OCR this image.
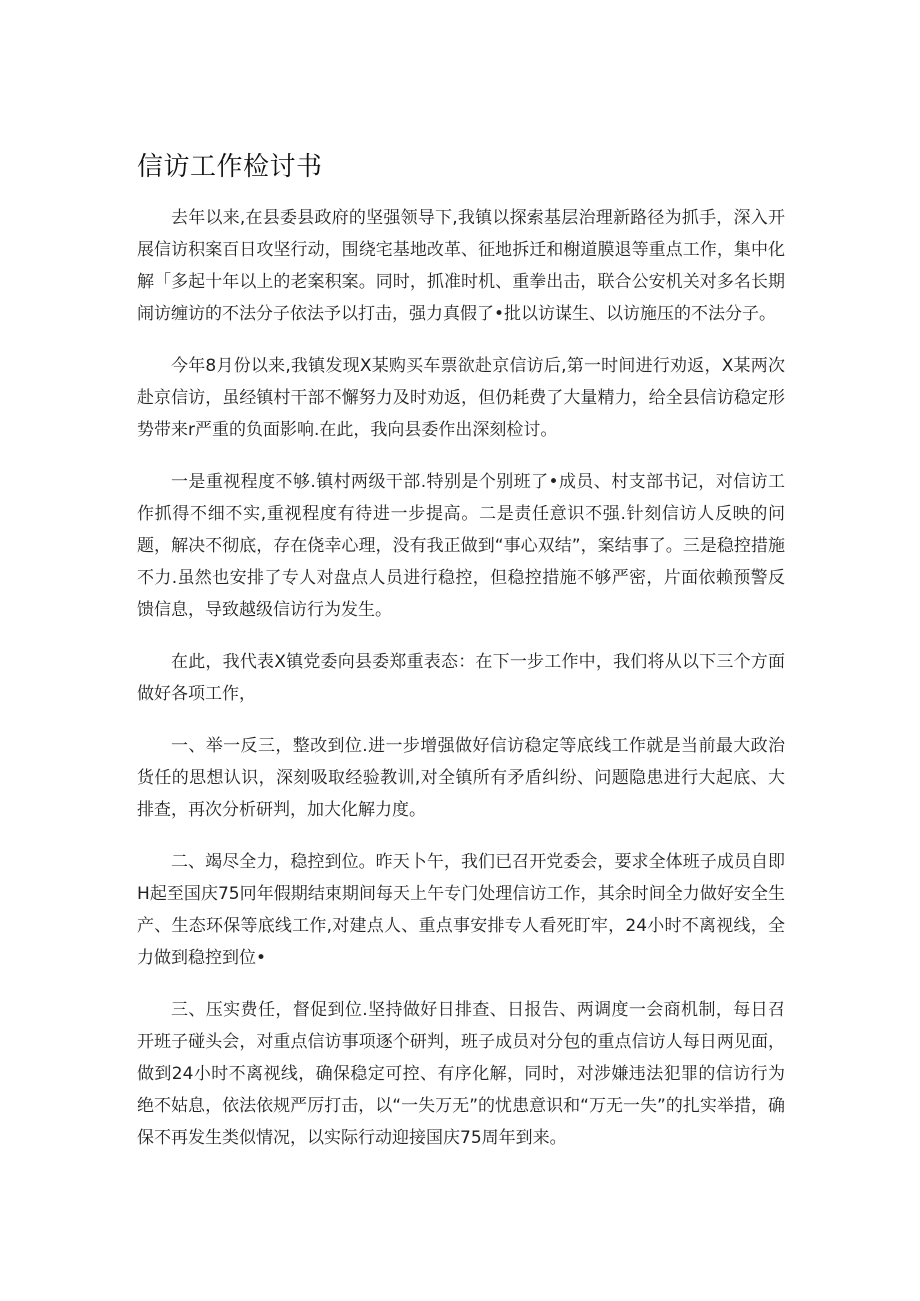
信访工作检讨书

去年以来,在县委县政府的坚强领导下,我镇以探索基层治理新路径为抓手，深入开展信访积案百日攻坚行动，围绕宅基地改革、征地拆迁和榭道膜退等重点工作，集中化解「多起十年以上的老案积案。同时，抓准时机、重拳出击，联合公安机关对多名长期闹访缠访的不法分子依法予以打击，强力真假了•批以访谋生、以访施压的不法分子。

今年8月份以来,我镇发现X某购买车票欲赴京信访后,第一时间进行劝返，X某两次赴京信访，虽经镇村干部不懈努力及时劝返，但仍耗费了大量精力，给全县信访稳定形势带来r严重的负面影响.在此，我向县委作出深刻检讨。

一是重视程度不够.镇村两级干部.特别是个别班了•成员、村支部书记，对信访工作抓得不细不实,重视程度有待进一步提高。二是责任意识不强.针刻信访人反映的问题，解决不彻底，存在侥幸心理，没有我正做到“事心双结”，案结事了。三是稳控措施不力.虽然也安排了专人对盘点人员进行稳控，但稳控措施不够严密，片面依赖预警反馈信息，导致越级信访行为发生。

在此，我代表X镇党委向县委郑重表态：在下一步工作中，我们将从以下三个方面做好各项工作，

一、举一反三，整改到位.进一步增强做好信访稳定等底线工作就是当前最大政治货任的思想认识，深刻吸取经验教训,对全镇所有矛盾纠纷、问题隐患进行大起底、大排查，再次分析研判，加大化解力度。

二、竭尽全力，稳控到位。昨天卜午，我们已召开党委会，要求全体班子成员自即H起至国庆75冋年假期结束期间每天上午专门处理信访工作，其余时间全力做好安全生产、生态环保等底线工作,对建点人、重点事安排专人看死盯牢，24小时不离视线，全力做到稳控到位•

三、压实费任，督促到位.坚持做好日排查、日报告、两调度一会商机制，每日召开班子碰头会，对重点信访事项逐个研判，班子成员对分包的重点信访人每日两见面，做到24小时不离视线，确保稳定可控、有序化解，同时，对涉嫌违法犯罪的信访行为绝不姑息，依法依规严厉打击，以“一失万无”的忧患意识和“万无一失”的扎实举措，确保不再发生类似情况，以实际行动迎接国庆75周年到来。
